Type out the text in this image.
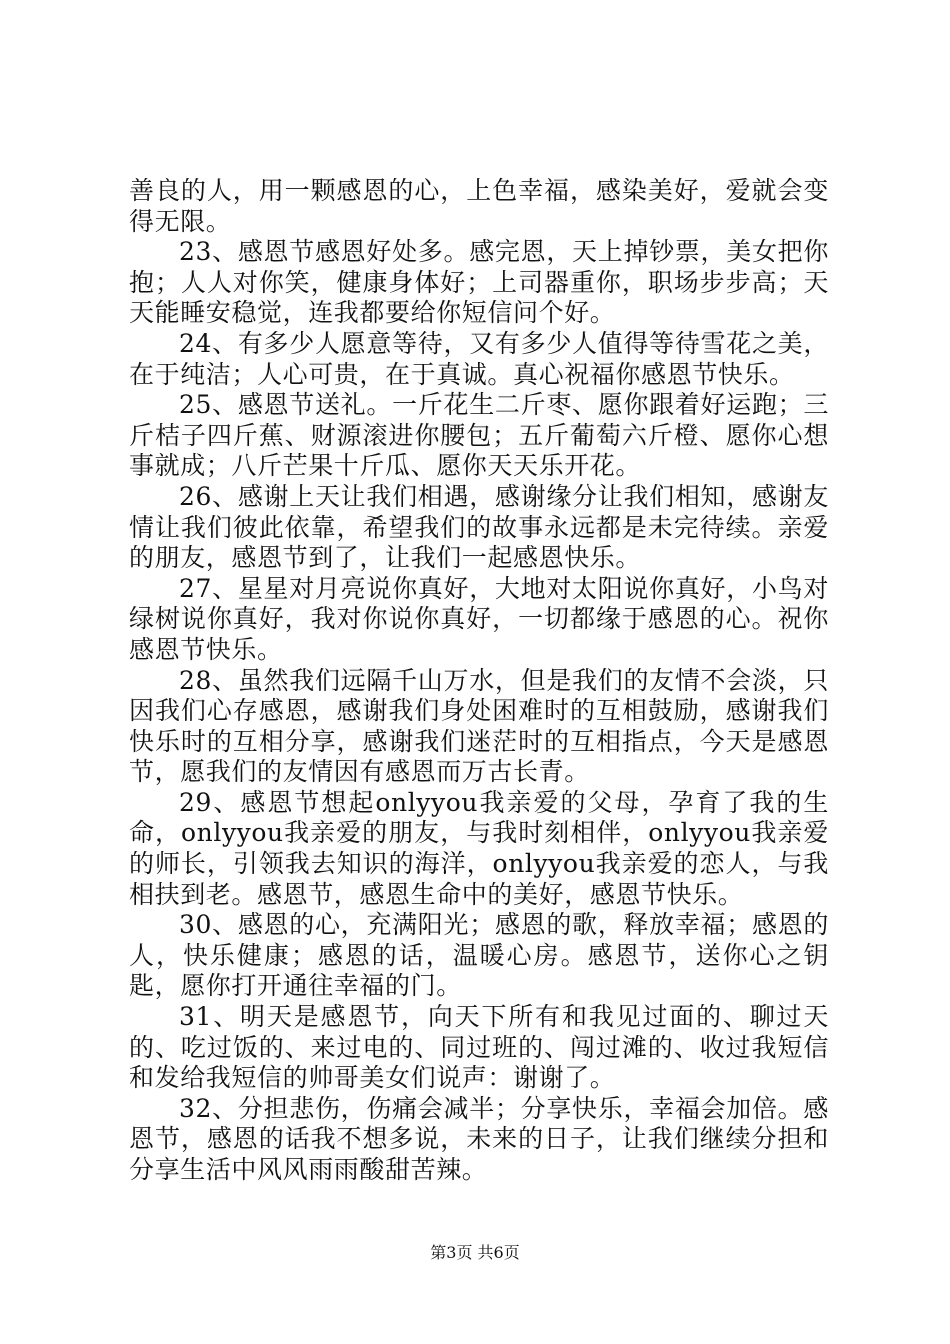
善良的人，用一颗感恩的心，上色幸福，感染美好，爱就会变得无限。

23、感恩节感恩好处多。感完恩，天上掉钞票，美女把你抱；人人对你笑，健康身体好；上司器重你，职场步步高；天天能睡安稳觉，连我都要给你短信问个好。

24、有多少人愿意等待，又有多少人值得等待雪花之美，在于纯洁；人心可贵，在于真诚。真心祝福你感恩节快乐。

25、感恩节送礼。一斤花生二斤枣、愿你跟着好运跑；三斤桔子四斤蕉、财源滚进你腰包；五斤葡萄六斤橙、愿你心想事就成；八斤芒果十斤瓜、愿你天天乐开花。

26、感谢上天让我们相遇，感谢缘分让我们相知，感谢友情让我们彼此依靠，希望我们的故事永远都是未完待续。亲爱的朋友，感恩节到了，让我们一起感恩快乐。

27、星星对月亮说你真好，大地对太阳说你真好，小鸟对绿树说你真好，我对你说你真好，一切都缘于感恩的心。祝你感恩节快乐。

28、虽然我们远隔千山万水，但是我们的友情不会淡，只因我们心存感恩，感谢我们身处困难时的互相鼓励，感谢我们快乐时的互相分享，感谢我们迷茫时的互相指点，今天是感恩节，愿我们的友情因有感恩而万古长青。

29、感恩节想起onlyyou我亲爱的父母，孕育了我的生命，onlyyou我亲爱的朋友，与我时刻相伴，onlyyou我亲爱的师长，引领我去知识的海洋，onlyyou我亲爱的恋人，与我相扶到老。感恩节，感恩生命中的美好，感恩节快乐。

30、感恩的心，充满阳光；感恩的歌，释放幸福；感恩的人，快乐健康；感恩的话，温暖心房。感恩节，送你心之钥匙，愿你打开通往幸福的门。

31、明天是感恩节，向天下所有和我见过面的、聊过天的、吃过饭的、来过电的、同过班的、闯过滩的、收过我短信和发给我短信的帅哥美女们说声：谢谢了。

32、分担悲伤，伤痛会减半；分享快乐，幸福会加倍。感恩节，感恩的话我不想多说，未来的日子，让我们继续分担和分享生活中风风雨雨酸甜苦辣。

第3页 共6页
